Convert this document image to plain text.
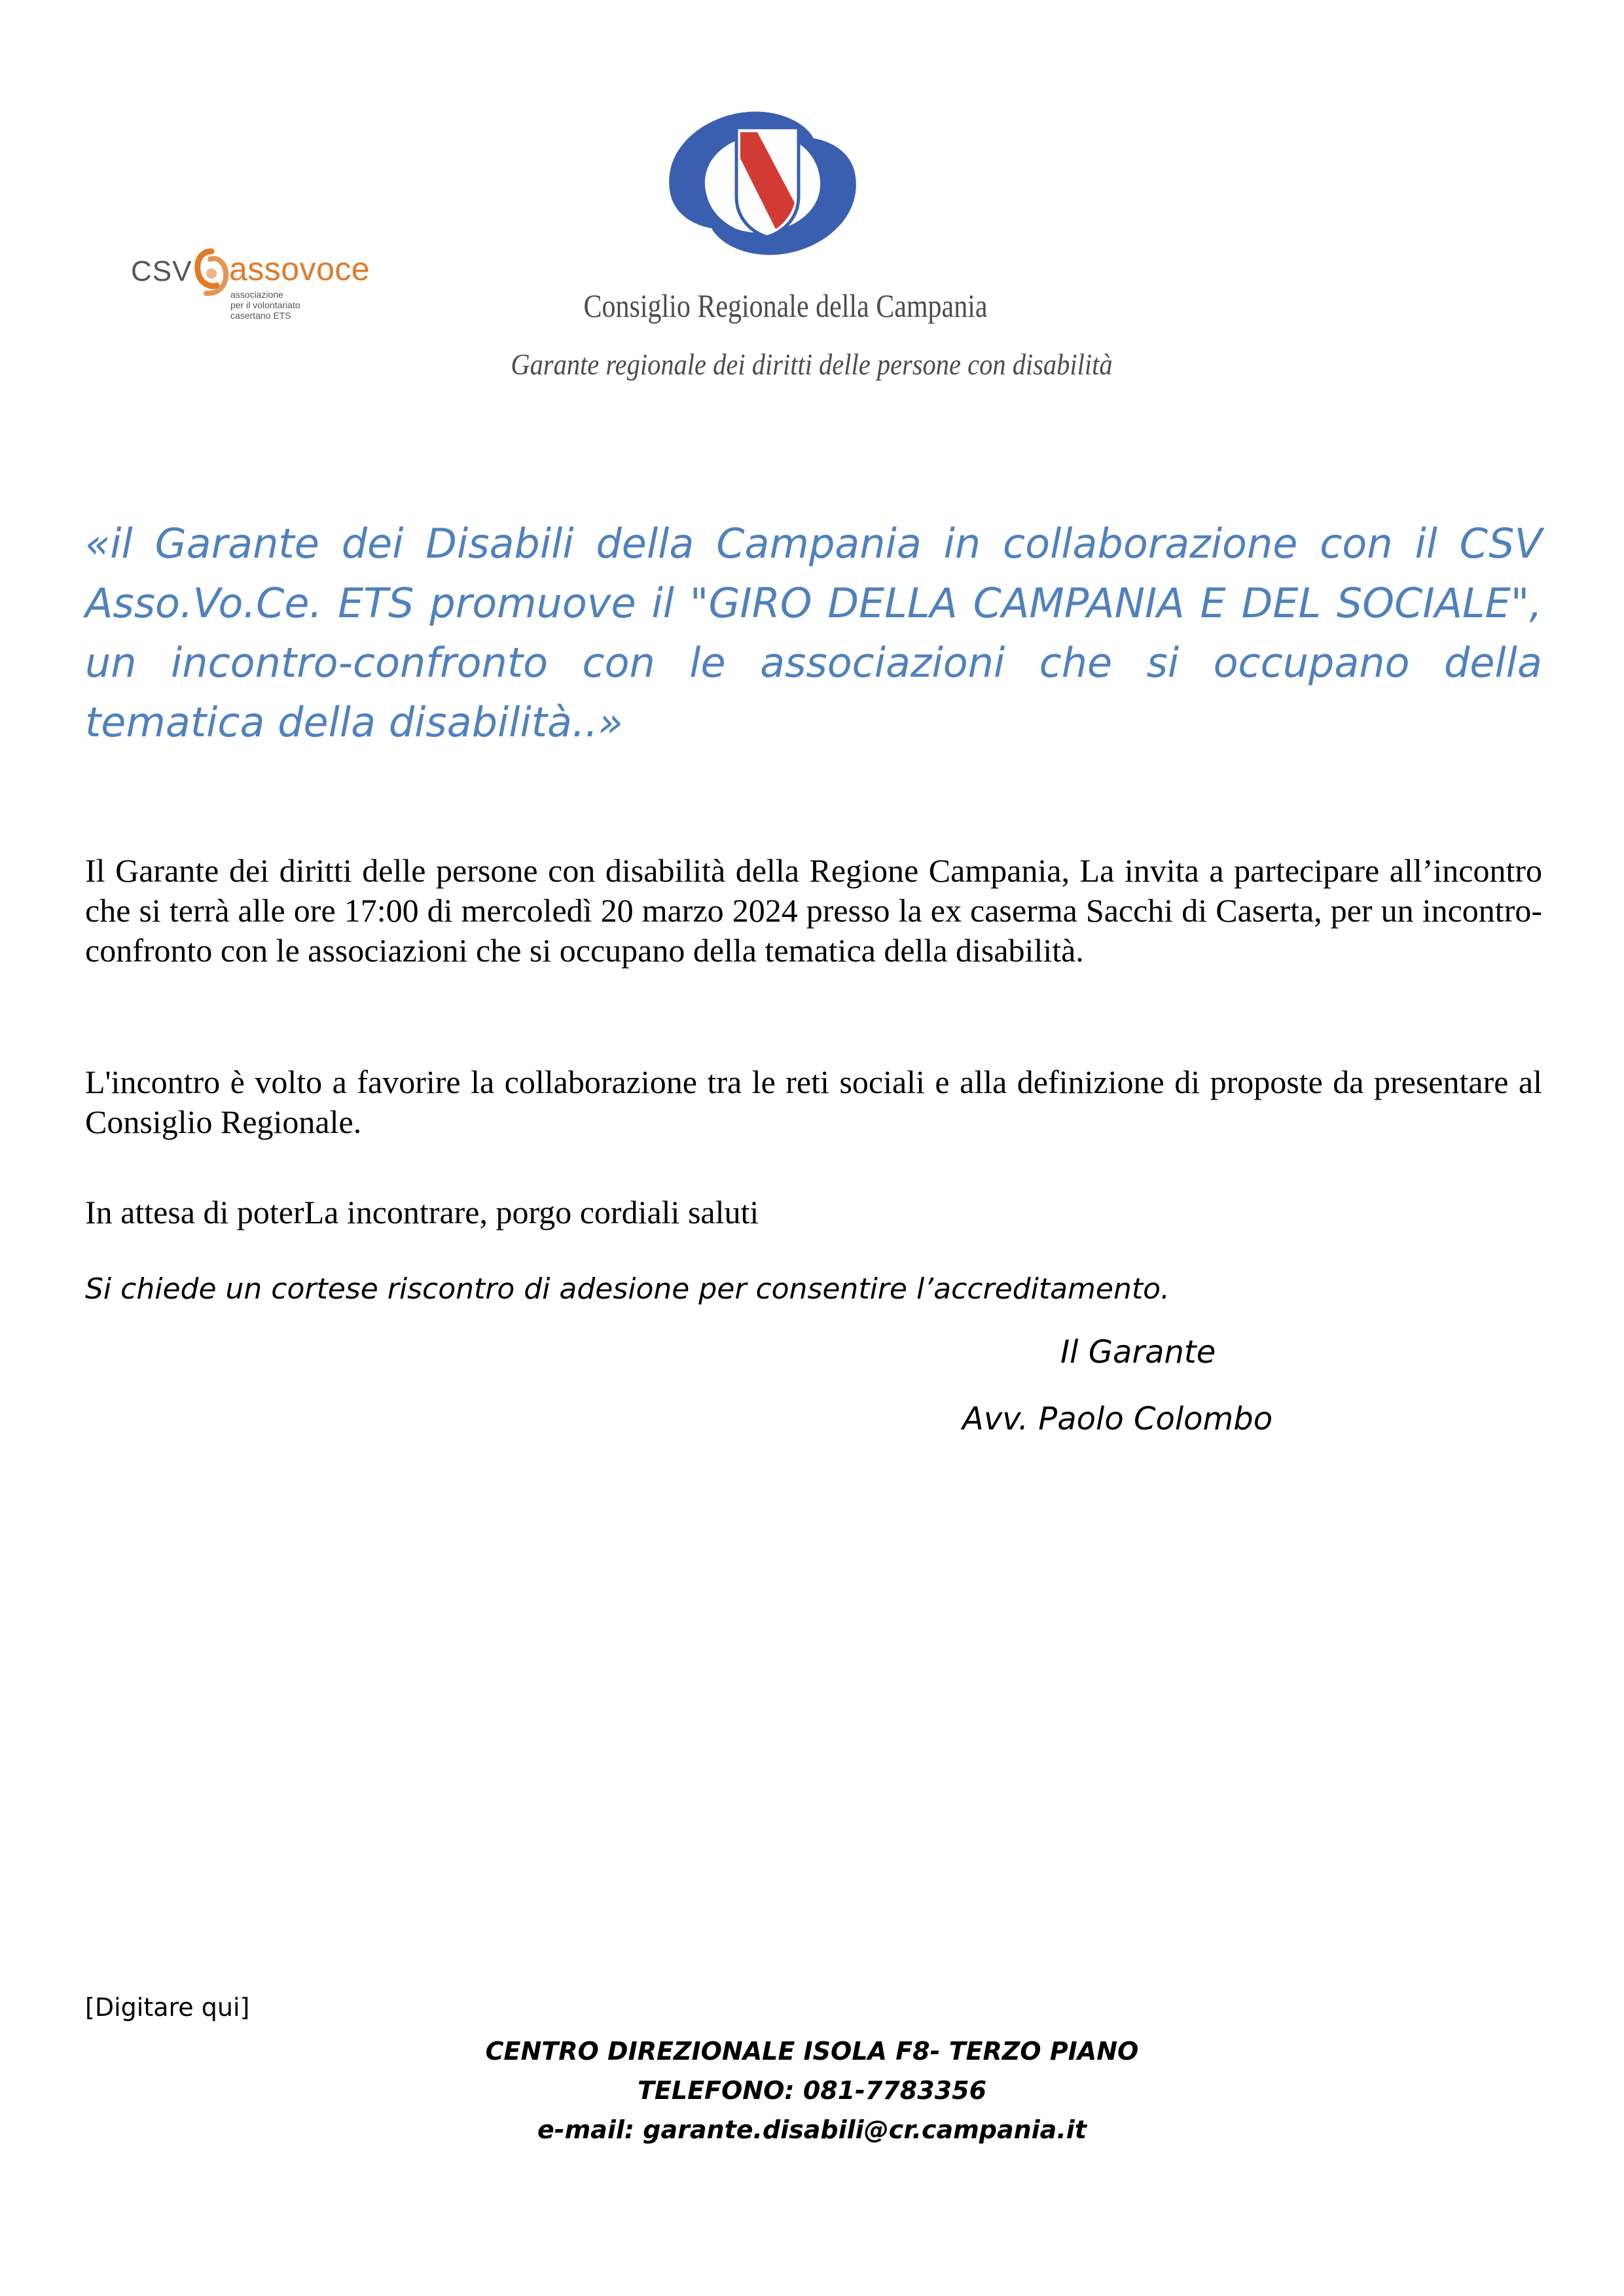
CSV assovoce
associazione
per il volontariato
casertano ETS	Consiglio Regionale della Campania
Garante regionale dei diritti delle persone con disabilità
«il Garante dei Disabili della Campania in collaborazione con il CSV Asso.Vo.Ce. ETS promuove il "GIRO DELLA CAMPANIA E DEL SOCIALE", un incontro-confronto con le associazioni che si occupano della tematica della disabilità..»

Il Garante dei diritti delle persone con disabilità della Regione Campania, La invita a partecipare all’incontro che si terrà alle ore 17:00 di mercoledì 20 marzo 2024 presso la ex caserma Sacchi di Caserta, per un incontro-confronto con le associazioni che si occupano della tematica della disabilità.

L'incontro è volto a favorire la collaborazione tra le reti sociali e alla definizione di proposte da presentare al Consiglio Regionale.

In attesa di poterLa incontrare, porgo cordiali saluti

Si chiede un cortese riscontro di adesione per consentire l’accreditamento.
Il Garante
Avv. Paolo Colombo
[Digitare qui]
CENTRO DIREZIONALE ISOLA F8- TERZO PIANO
TELEFONO: 081-7783356
e-mail: garante.disabili@cr.campania.it
